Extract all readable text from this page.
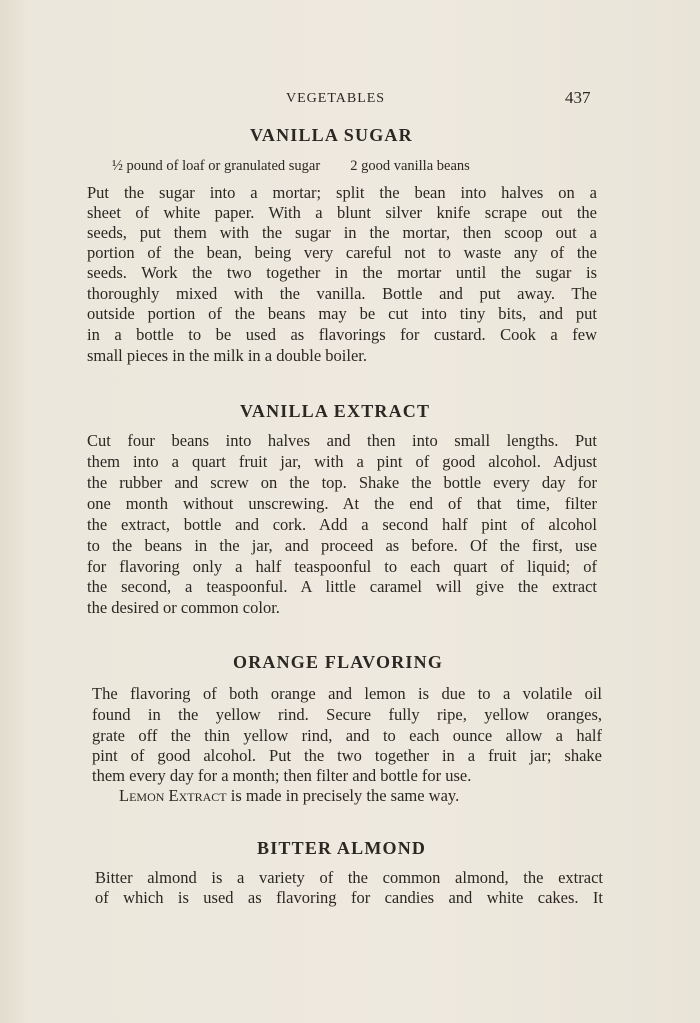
VEGETABLES	437
VANILLA SUGAR
½ pound of loaf or granulated sugar 2 good vanilla beans
Put the sugar into a mortar; split the bean into halves on a
sheet of white paper. With a blunt silver knife scrape out the
seeds, put them with the sugar in the mortar, then scoop out a
portion of the bean, being very careful not to waste any of the
seeds. Work the two together in the mortar until the sugar is
thoroughly mixed with the vanilla. Bottle and put away. The
outside portion of the beans may be cut into tiny bits, and put
in a bottle to be used as flavorings for custard. Cook a few
small pieces in the milk in a double boiler.
VANILLA EXTRACT
Cut four beans into halves and then into small lengths. Put
them into a quart fruit jar, with a pint of good alcohol. Adjust
the rubber and screw on the top. Shake the bottle every day for
one month without unscrewing. At the end of that time, filter
the extract, bottle and cork. Add a second half pint of alcohol
to the beans in the jar, and proceed as before. Of the first, use
for flavoring only a half teaspoonful to each quart of liquid; of
the second, a teaspoonful. A little caramel will give the extract
the desired or common color.
ORANGE FLAVORING
The flavoring of both orange and lemon is due to a volatile oil
found in the yellow rind. Secure fully ripe, yellow oranges,
grate off the thin yellow rind, and to each ounce allow a half
pint of good alcohol. Put the two together in a fruit jar; shake
them every day for a month; then filter and bottle for use.
Lemon Extract is made in precisely the same way.
BITTER ALMOND
Bitter almond is a variety of the common almond, the extract
of which is used as flavoring for candies and white cakes. It
